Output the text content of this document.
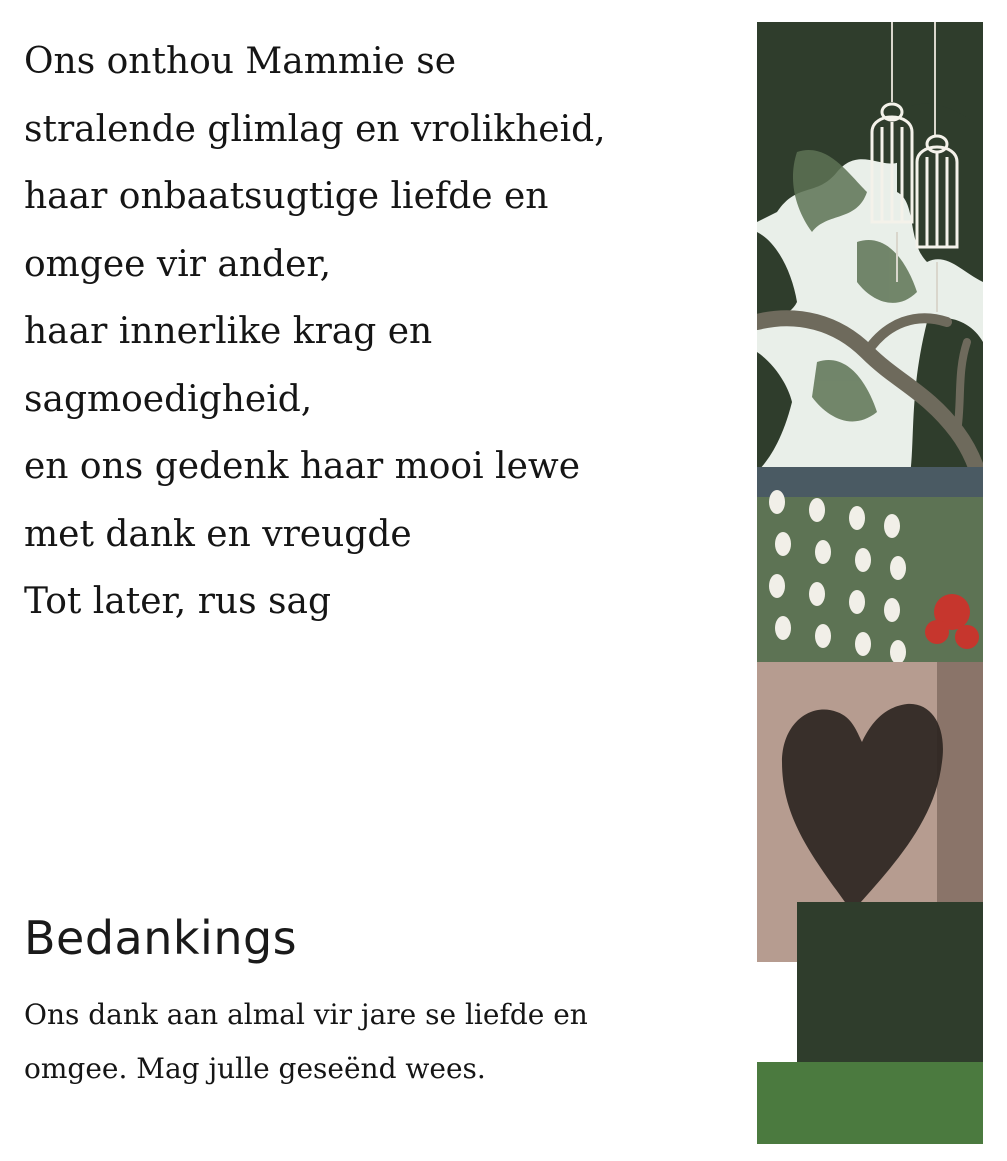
Ons onthou Mammie se
stralende glimlag en vrolikheid,
haar onbaatsugtige liefde en
omgee vir ander,
haar innerlike krag en
sagmoedigheid,
en ons gedenk haar mooi lewe
met dank en vreugde
Tot later, rus sag
Bedankings
Ons dank aan almal vir jare se liefde en
omgee. Mag julle geseënd wees.
